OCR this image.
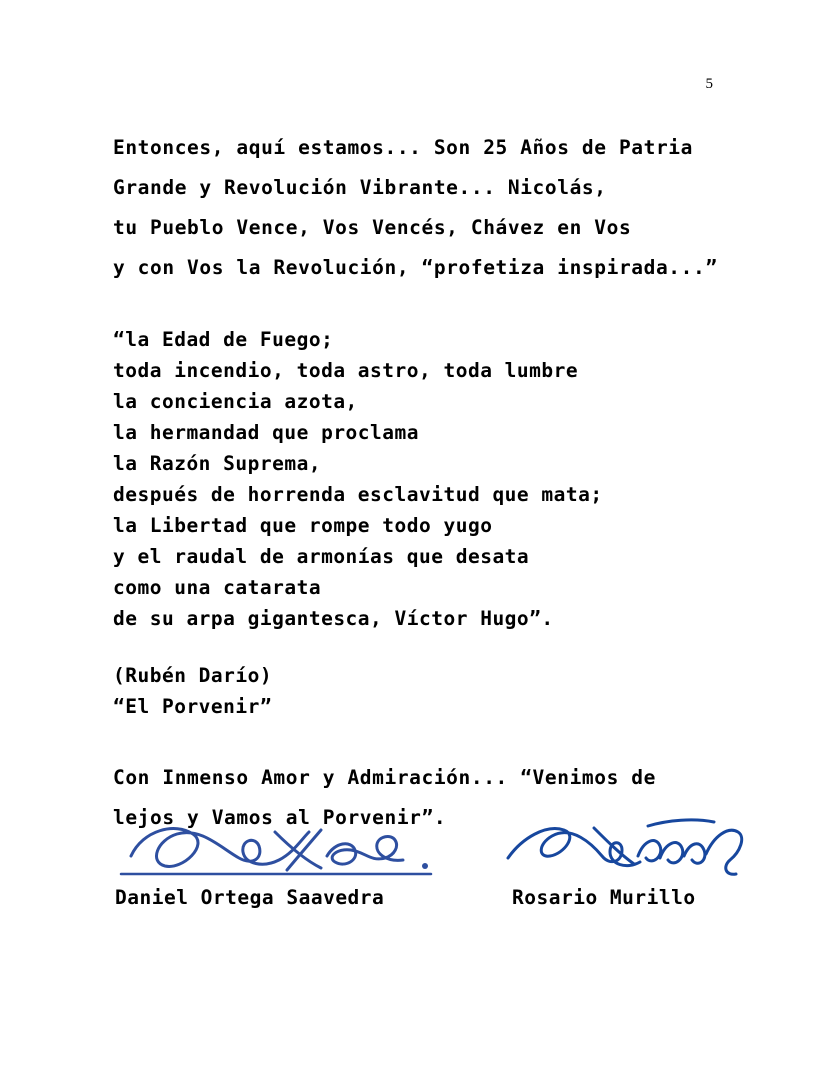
5

Entonces, aquí estamos... Son 25 Años de Patria

Grande y Revolución Vibrante... Nicolás,

tu Pueblo Vence, Vos Vencés, Chávez en Vos

y con Vos la Revolución, “profetiza inspirada...”

“la Edad de Fuego;

toda incendio, toda astro, toda lumbre

la conciencia azota,

la hermandad que proclama

la Razón Suprema,

después de horrenda esclavitud que mata;

la Libertad que rompe todo yugo

y el raudal de armonías que desata

como una catarata

de su arpa gigantesca, Víctor Hugo”.

(Rubén Darío)

“El Porvenir”

Con Inmenso Amor y Admiración... “Venimos de

lejos y Vamos al Porvenir”.

Daniel Ortega Saavedra	Rosario Murillo
